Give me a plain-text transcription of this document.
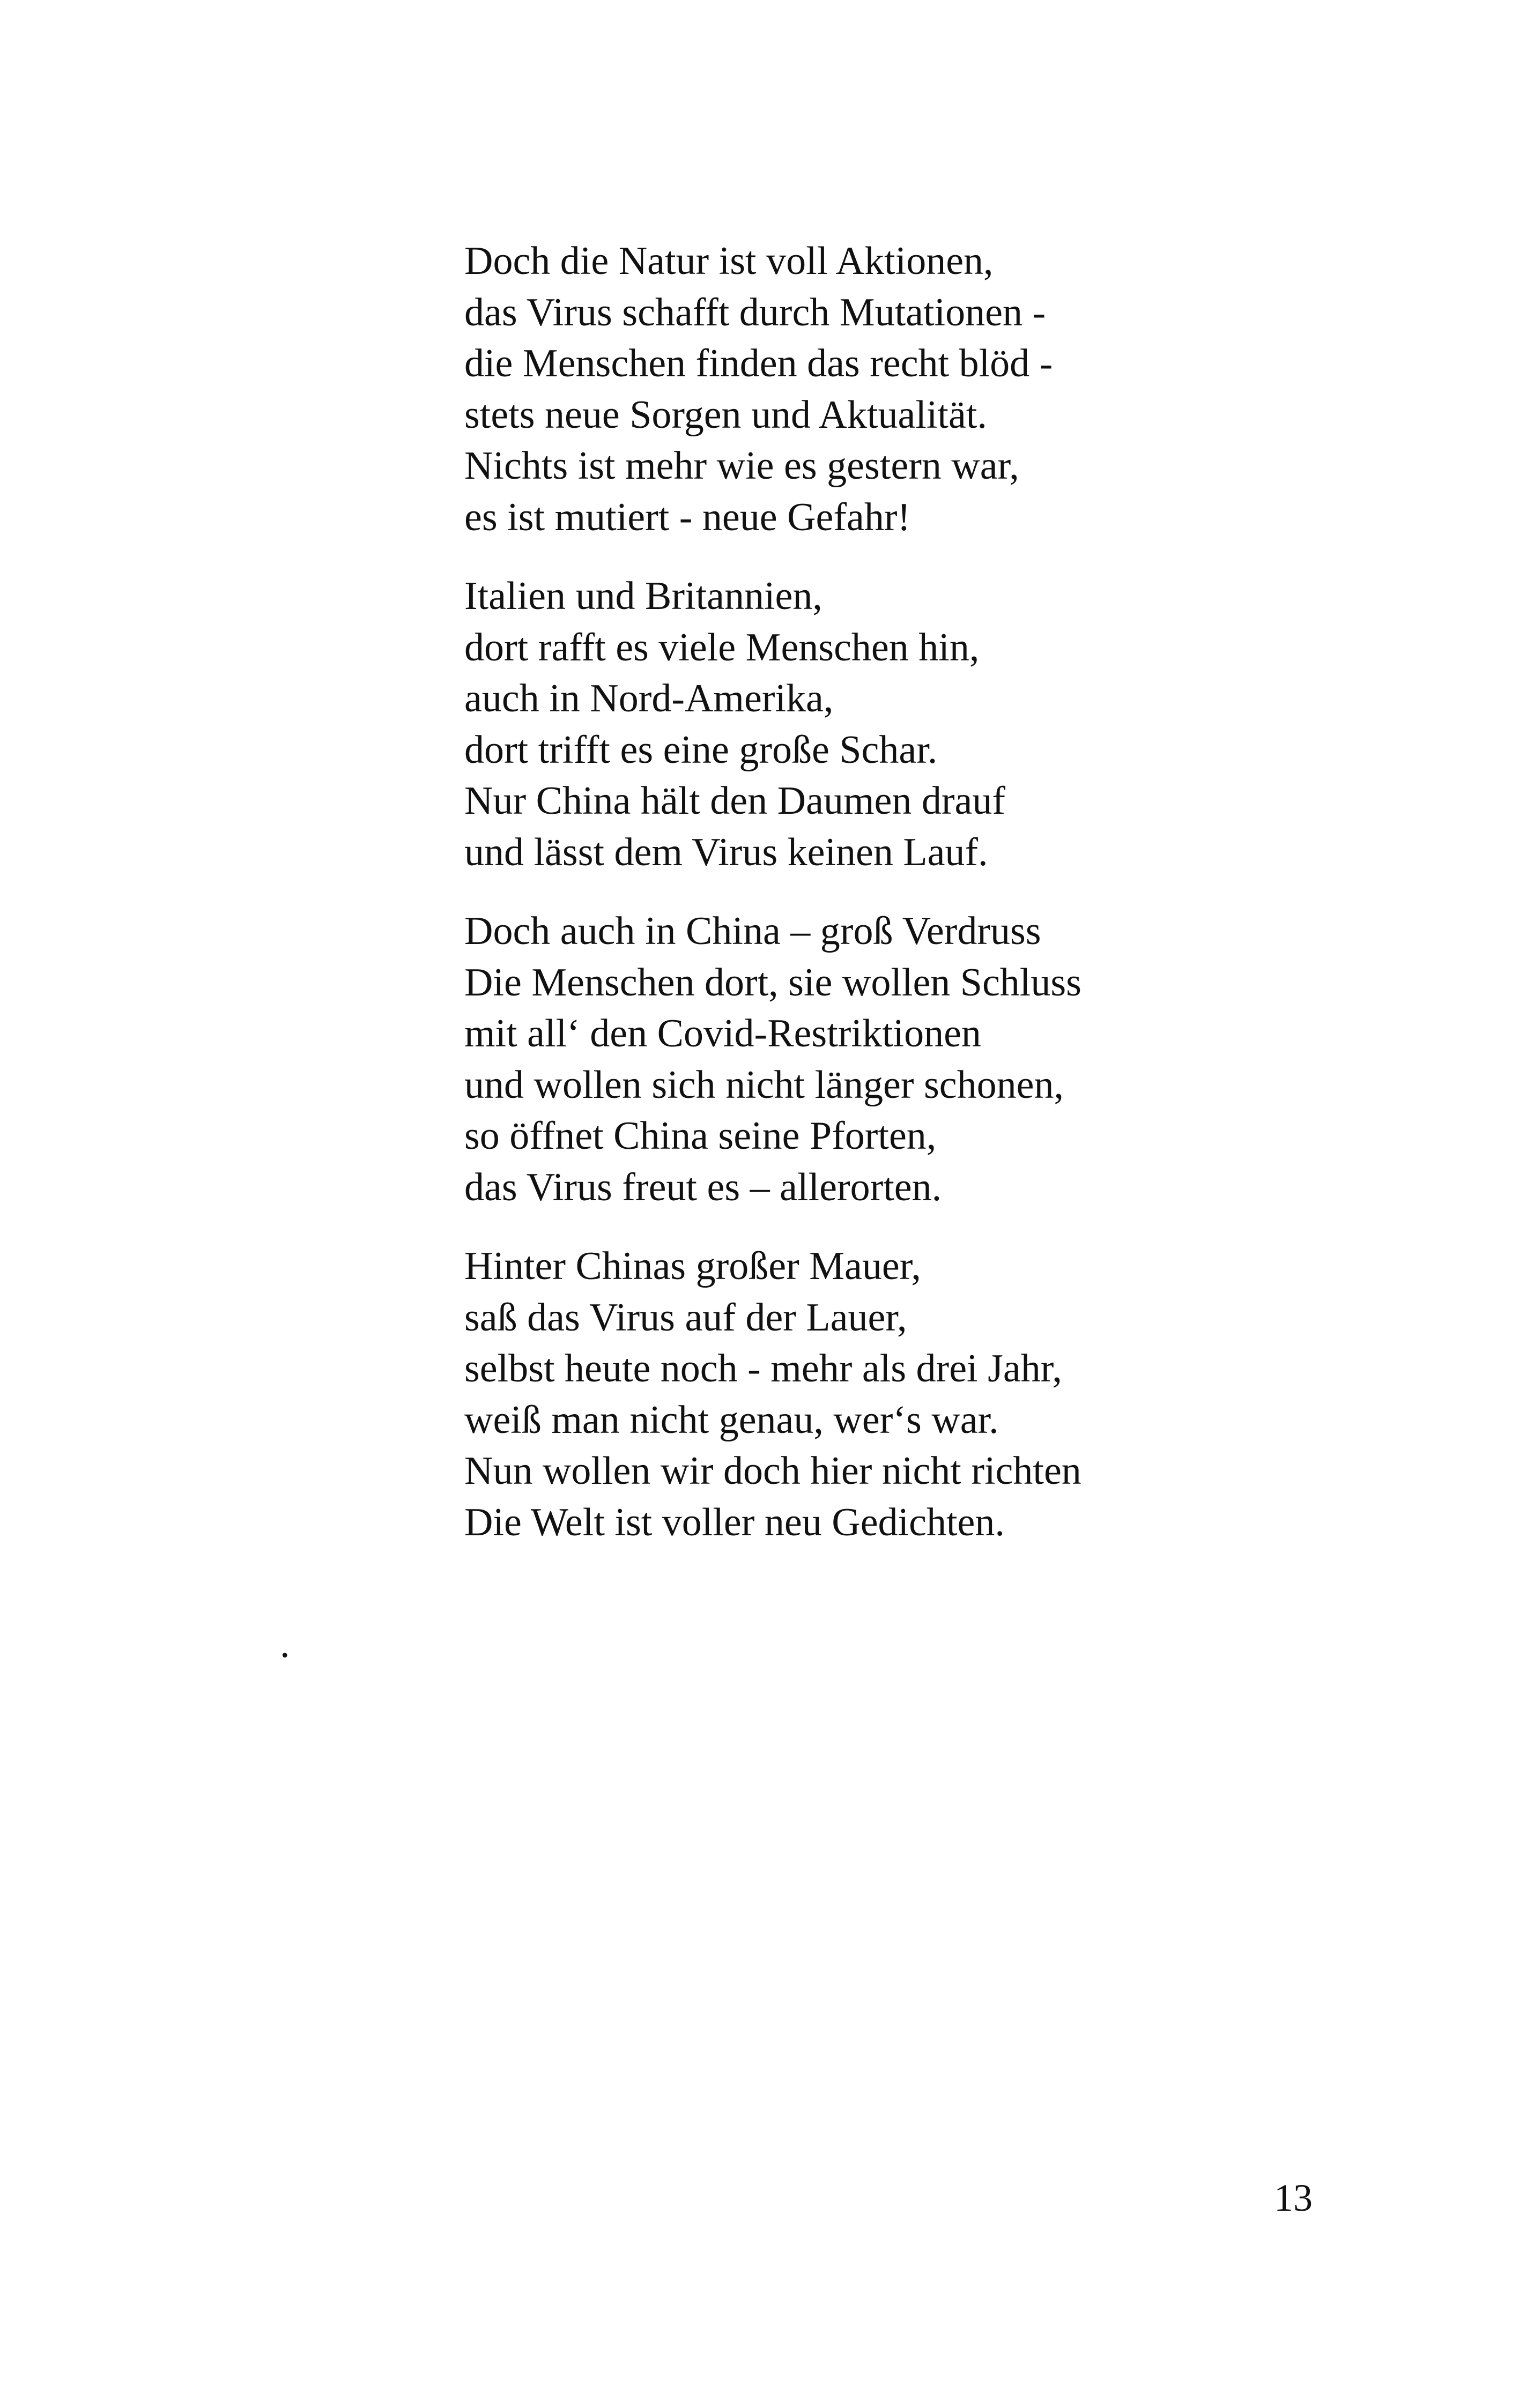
Doch die Natur ist voll Aktionen,
das Virus schafft durch Mutationen -
die Menschen finden das recht blöd -
stets neue Sorgen und Aktualität.
Nichts ist mehr wie es gestern war,
es ist mutiert - neue Gefahr!
Italien und Britannien,
dort rafft es viele Menschen hin,
auch in Nord-Amerika,
dort trifft es eine große Schar.
Nur China hält den Daumen drauf
und lässt dem Virus keinen Lauf.
Doch auch in China – groß Verdruss
Die Menschen dort, sie wollen Schluss
mit all‘ den Covid-Restriktionen
und wollen sich nicht länger schonen,
so öffnet China seine Pforten,
das Virus freut es – allerorten.
Hinter Chinas großer Mauer,
saß das Virus auf der Lauer,
selbst heute noch - mehr als drei Jahr,
weiß man nicht genau, wer‘s war.
Nun wollen wir doch hier nicht richten
Die Welt ist voller neu Gedichten.
.
13
